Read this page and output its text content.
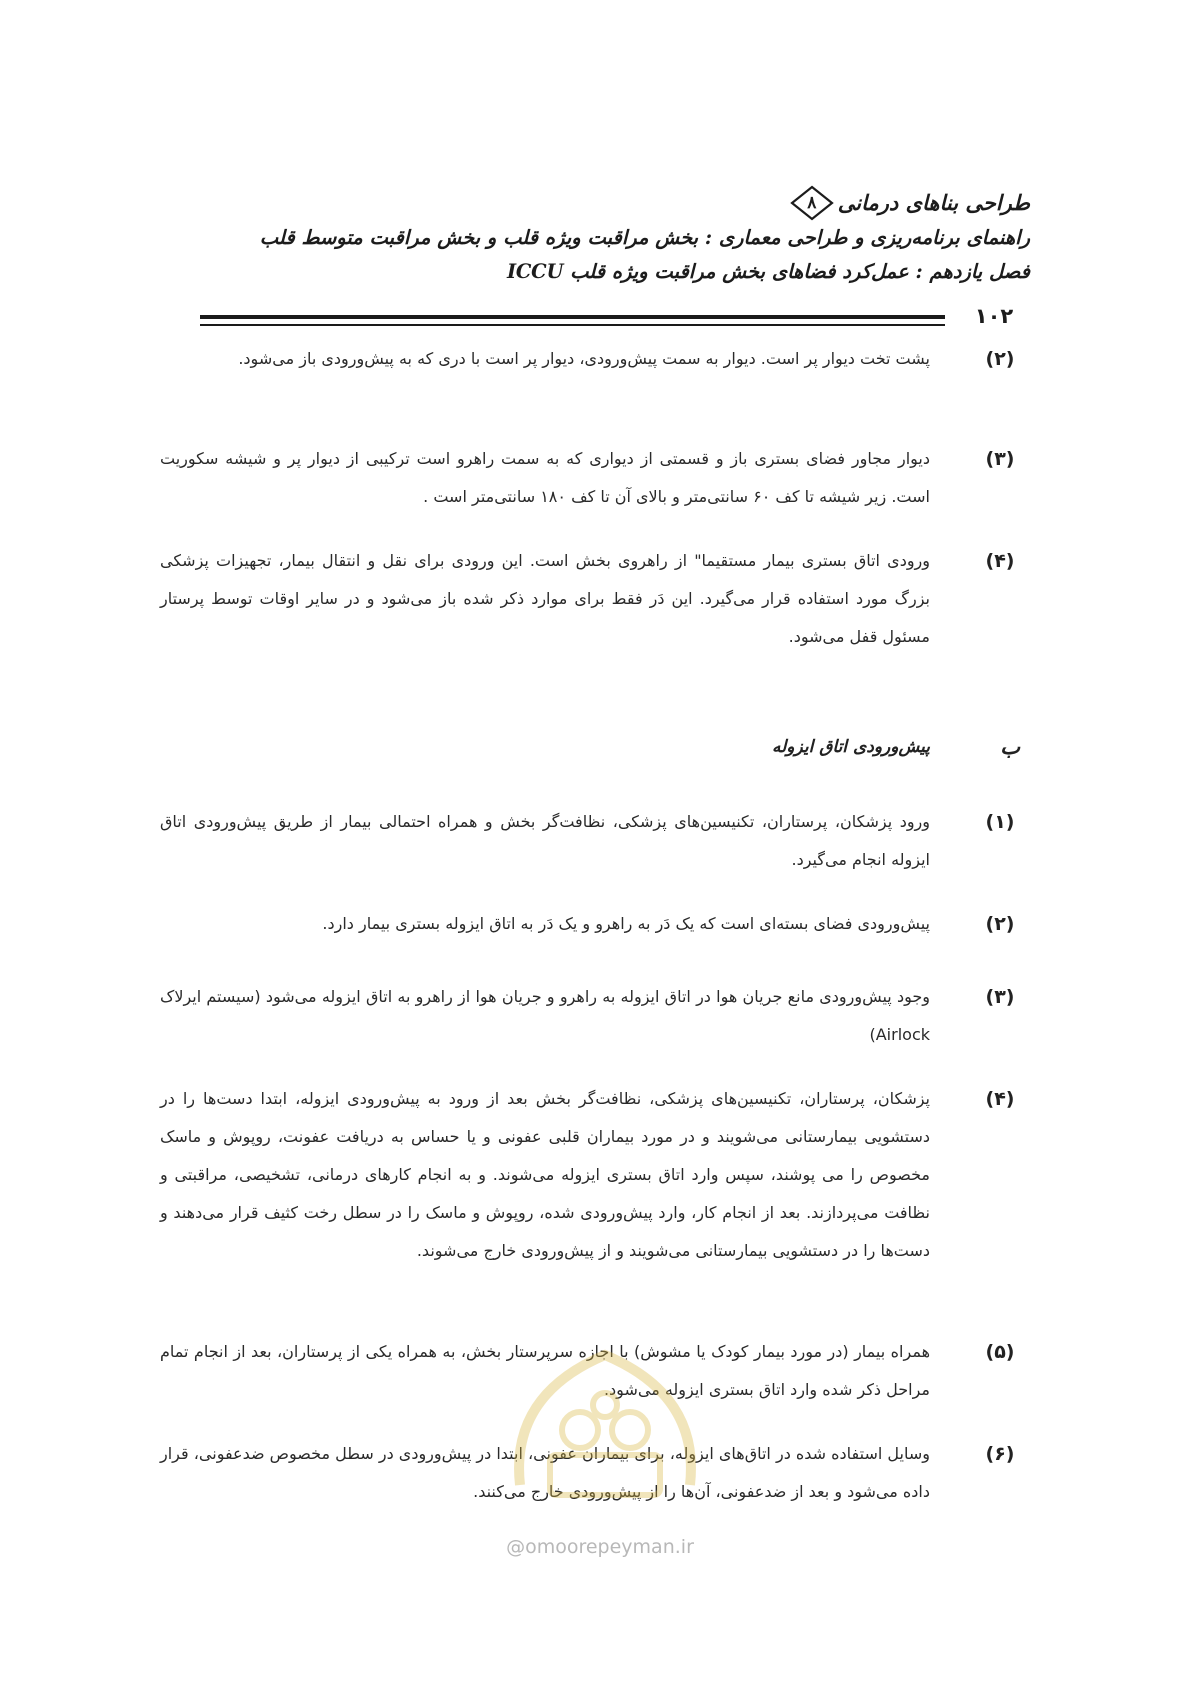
طراحی بناهای درمانی
۸
راهنمای برنامه‌ریزی و طراحی معماری : بخش مراقبت ویژه قلب و بخش مراقبت متوسط قلب
فصل یازدهم : عمل‌کرد فضاهای بخش مراقبت ویژه قلب ICCU
۱۰۲
(۲)
پشت تخت دیوار پر است. دیوار به سمت پیش‌ورودی، دیوار پر است با دری که به پیش‌ورودی باز می‌شود.
(۳)
دیوار مجاور فضای بستری باز و قسمتی از دیواری که به سمت راهرو است ترکیبی از دیوار پر و شیشه سکوریت است. زیر شیشه تا کف ۶۰ سانتی‌متر و بالای آن تا کف ۱۸۰ سانتی‌متر است .
(۴)
ورودی اتاق بستری بیمار مستقیما" از راهروی بخش است. این ورودی برای نقل و انتقال بیمار، تجهیزات پزشکی بزرگ مورد استفاده قرار می‌گیرد. این دَر فقط برای موارد ذکر شده باز می‌شود و در سایر اوقات توسط پرستار مسئول قفل می‌شود.
ب
پیش‌ورودی اتاق ایزوله
(۱)
ورود پزشکان، پرستاران، تکنیسین‌های پزشکی، نظافت‌گر بخش و همراه احتمالی بیمار از طریق پیش‌ورودی اتاق ایزوله انجام می‌گیرد.
(۲)
پیش‌ورودی فضای بسته‌ای است که یک دَر به راهرو و یک دَر به اتاق ایزوله بستری بیمار دارد.
(۳)
وجود پیش‌ورودی مانع جریان هوا در اتاق ایزوله به راهرو و جریان هوا از راهرو به اتاق ایزوله می‌شود (سیستم ایرلاک Airlock)
(۴)
پزشکان، پرستاران، تکنیسین‌های پزشکی، نظافت‌گر بخش بعد از ورود به پیش‌ورودی ایزوله، ابتدا دست‌ها را در دستشویی بیمارستانی می‌شویند و در مورد بیماران قلبی عفونی و یا حساس به دریافت عفونت، روپوش و ماسک مخصوص را می پوشند، سپس وارد اتاق بستری ایزوله می‌شوند. و به انجام کارهای درمانی، تشخیصی، مراقبتی و نظافت می‌پردازند. بعد از انجام کار، وارد پیش‌ورودی شده، روپوش و ماسک را در سطل رخت کثیف قرار می‌دهند و دست‌ها را در دستشویی بیمارستانی می‌شویند و از پیش‌ورودی خارج می‌شوند.
(۵)
همراه بیمار (در مورد بیمار کودک یا مشوش) با اجازه سرپرستار بخش، به همراه یکی از پرستاران، بعد از انجام تمام مراحل ذکر شده وارد اتاق بستری ایزوله می‌شود.
(۶)
وسایل استفاده شده در اتاق‌های ایزوله، برای بیماران عفونی، ابتدا در پیش‌ورودی در سطل مخصوص ضدعفونی، قرار داده می‌شود و بعد از ضدعفونی، آن‌ها را از پیش‌ورودی خارج می‌کنند.
@omoorepeyman.ir
